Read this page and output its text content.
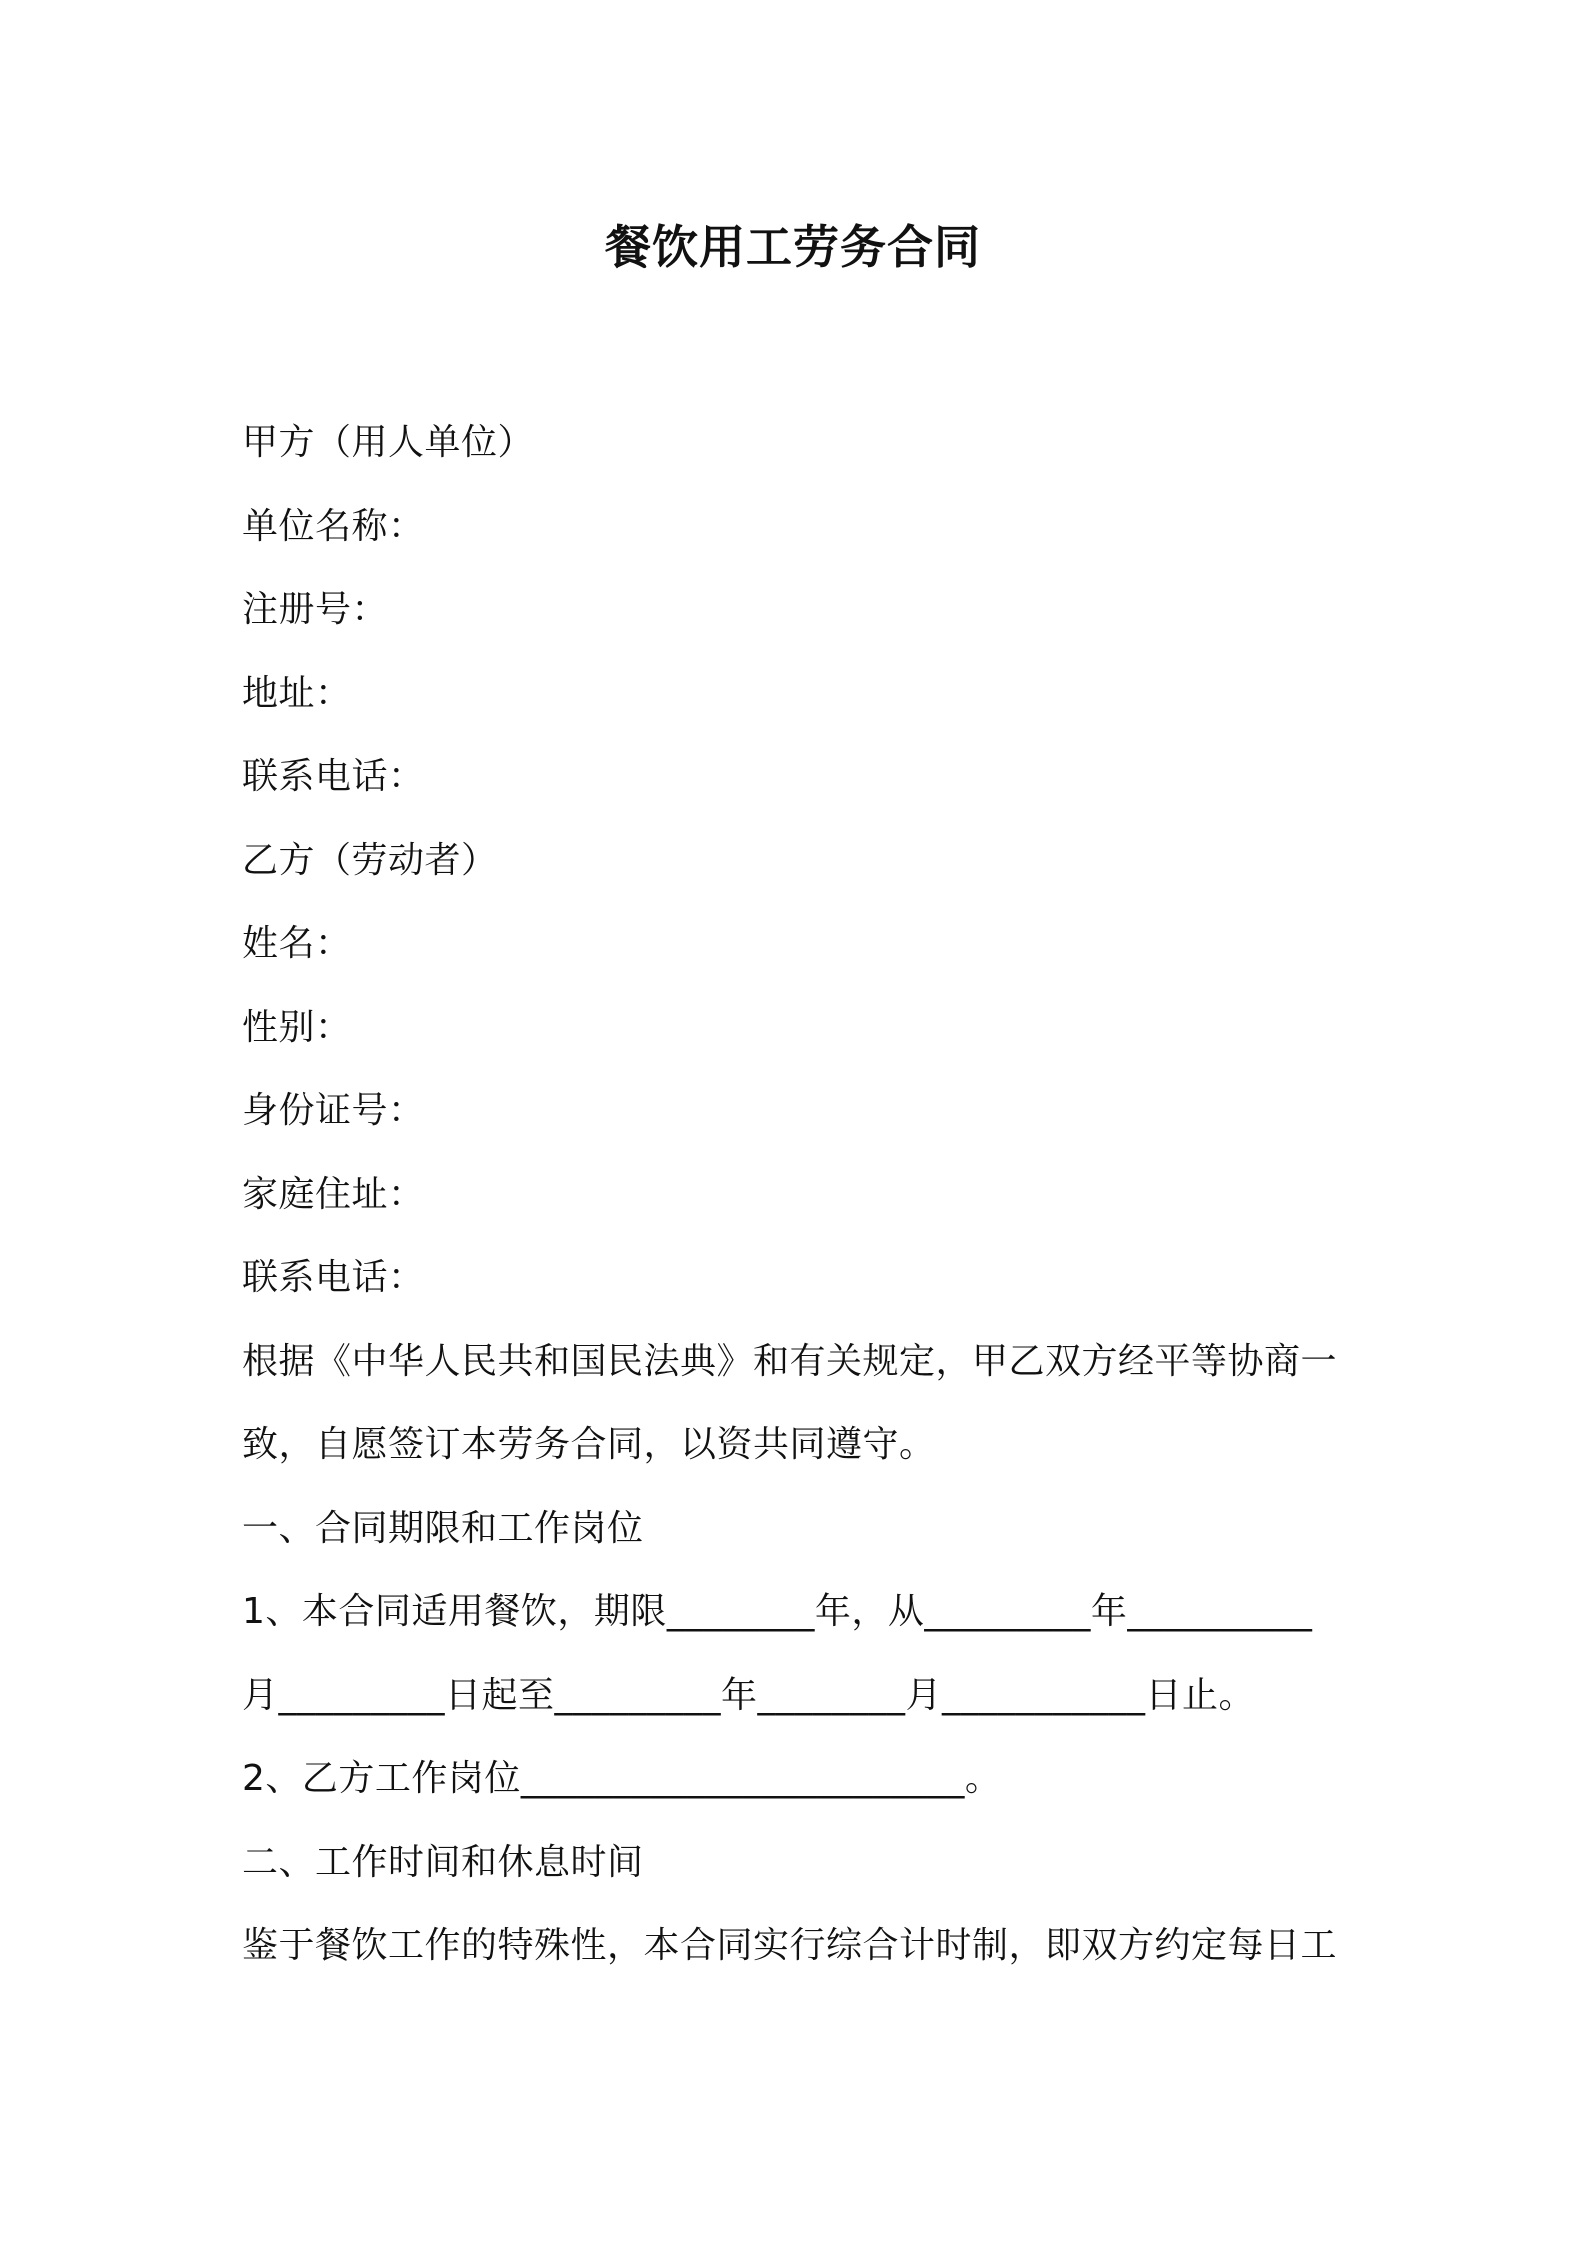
餐饮用工劳务合同
甲方（用人单位）
单位名称：
注册号：
地址：
联系电话：
乙方（劳动者）
姓名：
性别：
身份证号：
家庭住址：
联系电话：
根据《中华人民共和国民法典》和有关规定，甲乙双方经平等协商一
致，自愿签订本劳务合同，以资共同遵守。
一、合同期限和工作岗位
1、本合同适用餐饮，期限________年，从_________年__________
月_________日起至_________年________月___________日止。
2、乙方工作岗位________________________。
二、工作时间和休息时间
鉴于餐饮工作的特殊性，本合同实行综合计时制，即双方约定每日工
